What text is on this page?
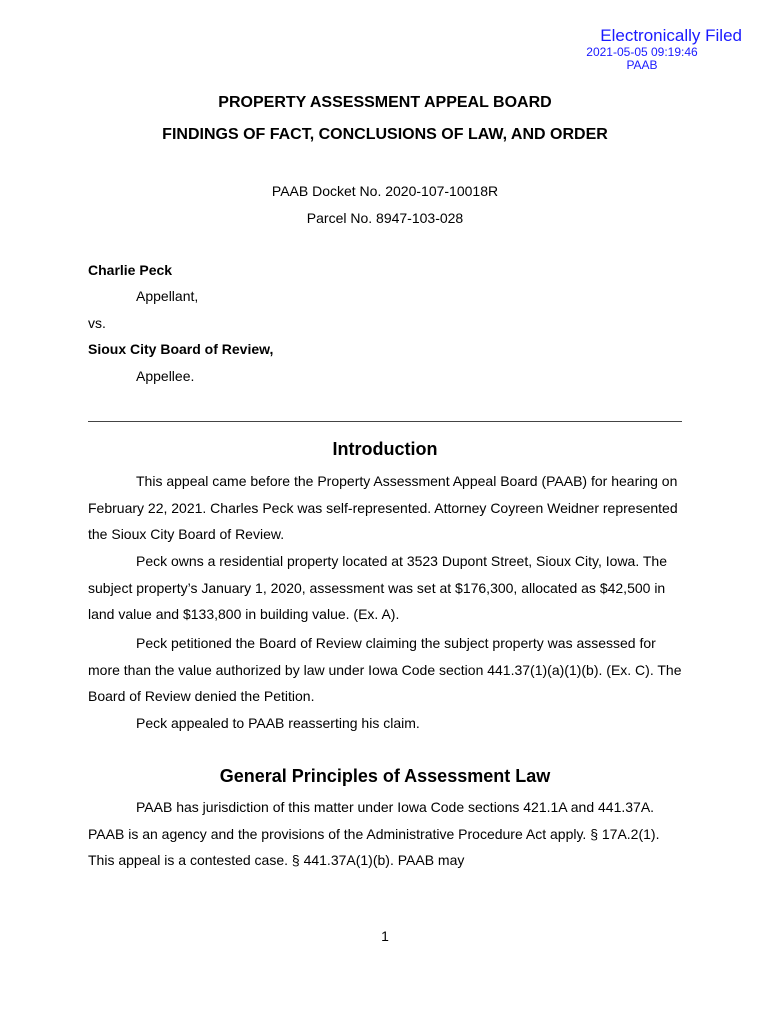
Electronically Filed
2021-05-05 09:19:46
PAAB
PROPERTY ASSESSMENT APPEAL BOARD
FINDINGS OF FACT, CONCLUSIONS OF LAW, AND ORDER
PAAB Docket No. 2020-107-10018R
Parcel No. 8947-103-028
Charlie Peck
Appellant,
vs.
Sioux City Board of Review,
Appellee.
Introduction

This appeal came before the Property Assessment Appeal Board (PAAB) for hearing on February 22, 2021. Charles Peck was self-represented. Attorney Coyreen Weidner represented the Sioux City Board of Review.

Peck owns a residential property located at 3523 Dupont Street, Sioux City, Iowa. The subject property’s January 1, 2020, assessment was set at $176,300, allocated as $42,500 in land value and $133,800 in building value. (Ex. A).

Peck petitioned the Board of Review claiming the subject property was assessed for more than the value authorized by law under Iowa Code section 441.37(1)(a)(1)(b). (Ex. C). The Board of Review denied the Petition.

Peck appealed to PAAB reasserting his claim.

General Principles of Assessment Law

PAAB has jurisdiction of this matter under Iowa Code sections 421.1A and 441.37A. PAAB is an agency and the provisions of the Administrative Procedure Act apply. § 17A.2(1). This appeal is a contested case. § 441.37A(1)(b). PAAB may

1
